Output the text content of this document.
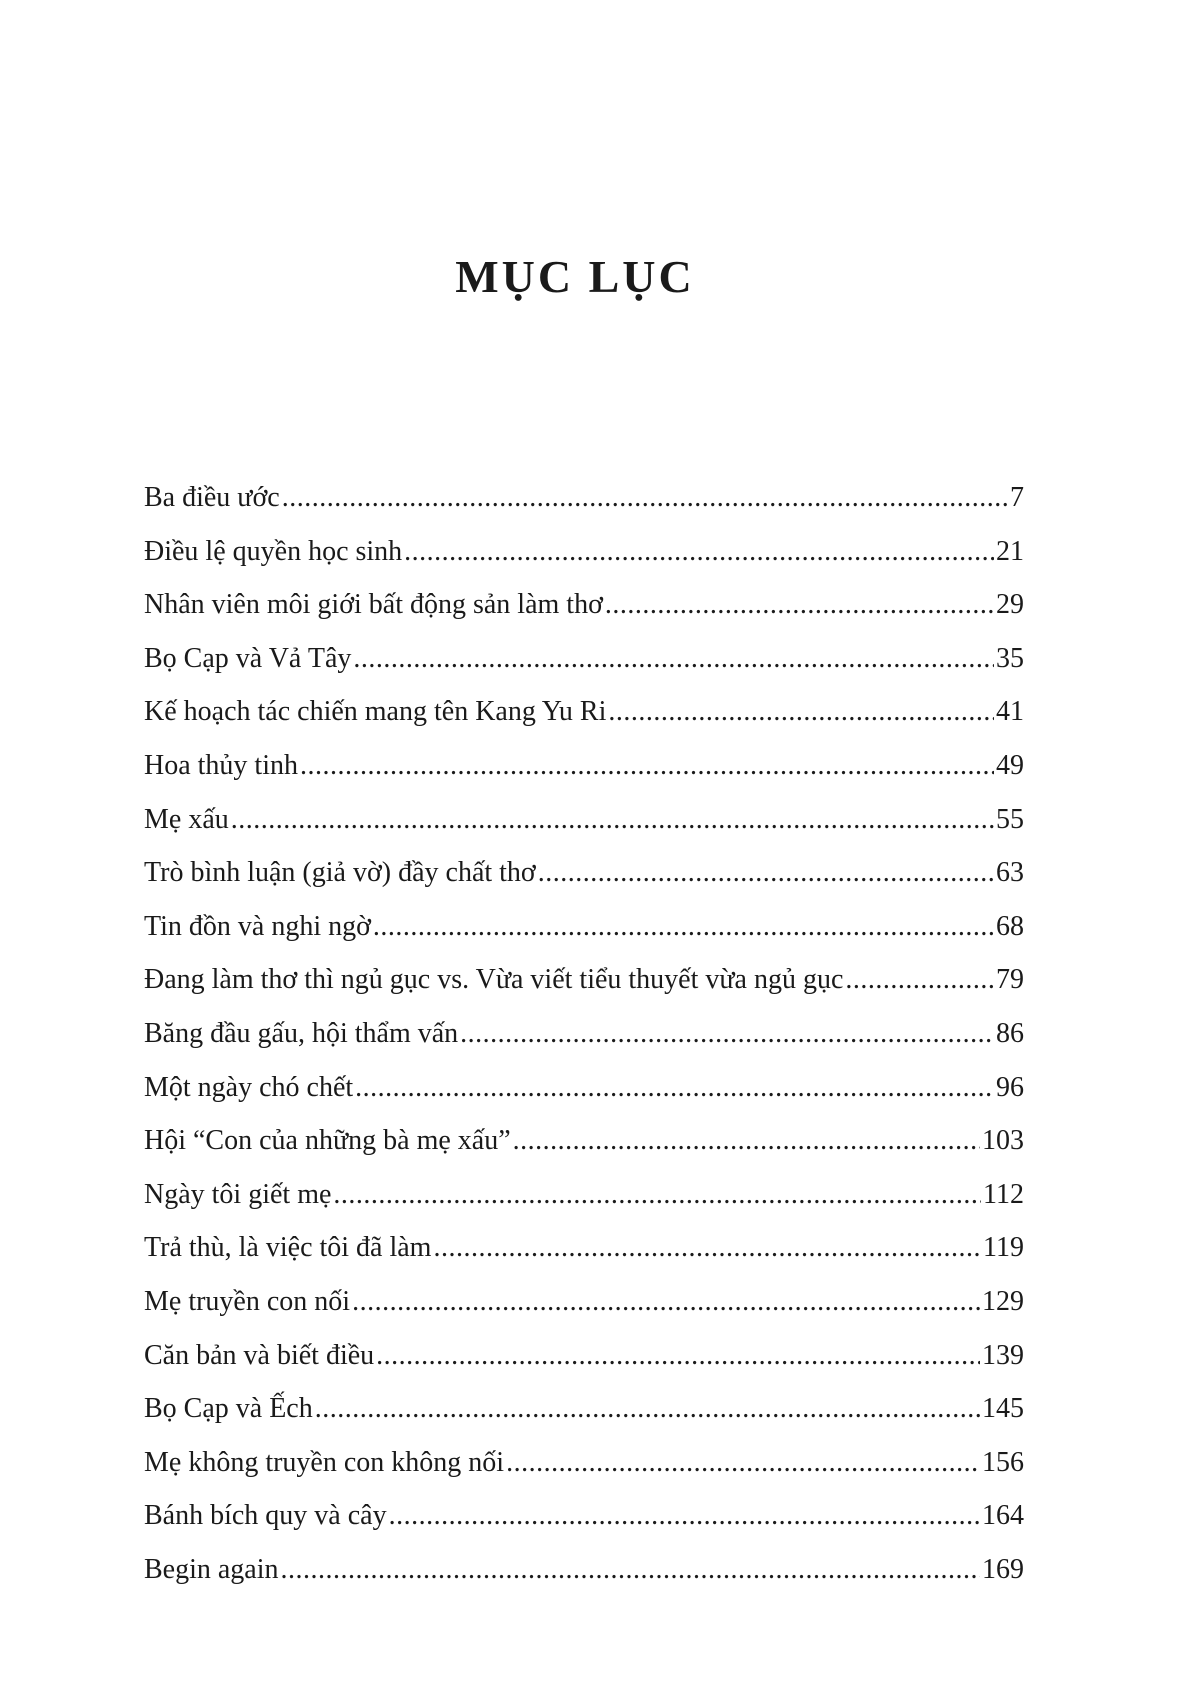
MỤC LỤC
Ba điều ước .....	7
Điều lệ quyền học sinh .....	21
Nhân viên môi giới bất động sản làm thơ .....	29
Bọ Cạp và Vả Tây .....	35
Kế hoạch tác chiến mang tên Kang Yu Ri .....	41
Hoa thủy tinh .....	49
Mẹ xấu .....	55
Trò bình luận (giả vờ) đầy chất thơ .....	63
Tin đồn và nghi ngờ .....	68
Đang làm thơ thì ngủ gục vs. Vừa viết tiểu thuyết vừa ngủ gục .....	79
Băng đầu gấu, hội thẩm vấn .....	86
Một ngày chó chết .....	96
Hội “Con của những bà mẹ xấu” .....	103
Ngày tôi giết mẹ .....	112
Trả thù, là việc tôi đã làm .....	119
Mẹ truyền con nối .....	129
Căn bản và biết điều .....	139
Bọ Cạp và Ếch .....	145
Mẹ không truyền con không nối .....	156
Bánh bích quy và cây .....	164
Begin again .....	169
